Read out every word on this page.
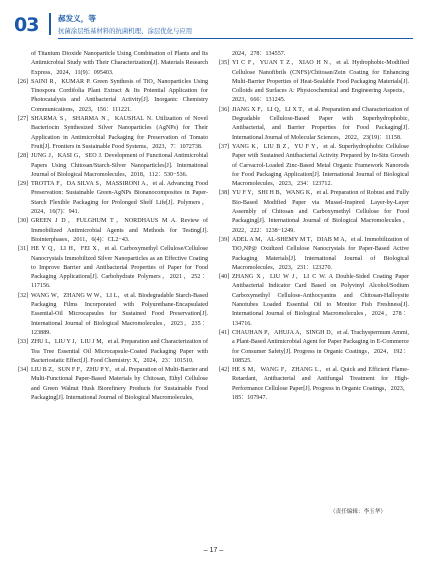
03	郝发义，等
抗菌涂层纸基材料的抗菌机理、涂层优化与应用
of Titanium Dioxide Nanoparticle Using Combination of Plants and Its Antimicrobial Study with Their Characterization[J]. Materials Research Express，2024，11(9)：095403.
[26] SAINI R，KUMAR P. Green Synthesis of TiO₂ Nanoparticles Using Tinospora Cordifolia Plant Extract & Its Potential Application for Photocatalysis and Antibacterial Activity[J]. Inorganic Chemistry Communications，2023，156：111221.
[27] SHARMA S，SHARMA N，KAUSHAL N. Utilization of Novel Bacteriocin Synthesized Silver Nanoparticles (AgNPs) for Their Application in Antimicrobial Packaging for Preservation of Tomato Fruit[J]. Frontiers in Sustainable Food Systems，2023，7：1072738.
[28] JUNG J，KASI G，SEO J. Development of Functional Antimicrobial Papers Using Chitosan/Starch-Silver Nanoparticles[J]. International Journal of Biological Macromolecules，2018，112：530−536.
[29] TROTTA F，DA SILVA S，MASSIRONI A，et al. Advancing Food Preservation: Sustainable Green-AgNPs Bionanocomposites in Paper-Starch Flexible Packaging for Prolonged Shelf Life[J]. Polymers，2024，16(7)：941.
[30] GREEN J D，FULGHUM T，NORDHAUS M A. Review of Immobilized Antimicrobial Agents and Methods for Testing[J]. Biointerphases，2011，6(4)：CL2−43.
[31] HE Y Q，LI H，FEI X，et al. Carboxymethyl Cellulose/Cellulose Nanocrystals Immobilized Silver Nanoparticles as an Effective Coating to Improve Barrier and Antibacterial Properties of Paper for Food Packaging Applications[J]. Carbohydrate Polymers，2021，252：117156.
[32] WANG W，ZHANG W W，LI L，et al. Biodegradable Starch-Based Packaging Films Incorporated with Polyurethane-Encapsulated Essential-Oil Microcapsules for Sustained Food Preservation[J]. International Journal of Biological Macromolecules，2023，235：123889.
[33] ZHU L，LIU Y J，LIU J M，et al. Preparation and Characterization of Tea Tree Essential Oil Microcapsule-Coated Packaging Paper with Bacteriostatic Effect[J]. Food Chemistry: X，2024，23：101510.
[34] LIU B Z，SUN F F，ZHU P Y，et al. Preparation of Multi-Barrier and Multi-Functional Paper-Based Materials by Chitosan, Ethyl Cellulose and Green Walnut Husk Biorefinery Products for Sustainable Food Packaging[J]. International Journal of Biological Macromolecules,
2024，278：134557.
[35] YI C F，YUAN T Z，XIAO H N，et al. Hydrophobic-Modified Cellulose Nanofibrils (CNFS)/Chitosan/Zein Coating for Enhancing Multi-Barrier Properties of Heat-Sealable Food Packaging Materials[J]. Colloids and Surfaces A: Physicochemical and Engineering Aspects，2023，666：131245.
[36] JIANG X F，LI Q，LI X T，et al. Preparation and Characterization of Degradable Cellulose-Based Paper with Superhydrophobic, Antibacterial, and Barrier Properties for Food Packaging[J]. International Journal of Molecular Sciences，2022，23(19)：11158.
[37] YANG K，LIU B Z，YU F Y，et al. Superhydrophobic Cellulose Paper with Sustained Antibacterial Activity Prepared by In-Situ Growth of Carvacrol-Loaded Zinc-Based Metal Organic Framework Nanorods for Food Packaging Application[J]. International Journal of Biological Macromolecules，2023，234：123712.
[38] YU F Y，SHI H B，WANG K，et al. Preparation of Robust and Fully Bio-Based Modified Paper via Mussel-Inspired Layer-by-Layer Assembly of Chitosan and Carboxymethyl Cellulose for Food Packaging[J]. International Journal of Biological Macromolecules，2022，222：1238−1249.
[39] ADEL A M，AL-SHEMY M T，DIAB M A，et al. Immobilization of TiO₂NP@ Oxidized Cellulose Nanocrystals for Paper-Based Active Packaging Materials[J]. International Journal of Biological Macromolecules，2023，231：123270.
[40] ZHANG X，LIU W J，LI C W. A Double-Sided Coating Paper Antibacterial Indicator Card Based on Polyvinyl Alcohol/Sodium Carboxymethyl Cellulose-Anthocyanins and Chitosan-Halloysite Nanotubes Loaded Essential Oil to Monitor Fish Freshness[J]. International Journal of Biological Macromolecules，2024，278：134716.
[41] CHAUHAN P，AHUJA A，SINGH D，et al. Trachyspermum Ammi, a Plant-Based Antimicrobial Agent for Paper Packaging in E-Commerce for Consumer Safety[J]. Progress in Organic Coatings，2024，192：108525.
[42] HE S M，WANG F，ZHANG L，et al. Quick and Efficient Flame-Retardant, Antibacterial and Antifungal Treatment for High-Performance Cellulose Paper[J]. Progress in Organic Coatings，2023，185：107947.
（责任编辑：李玉华）
– 17 –
